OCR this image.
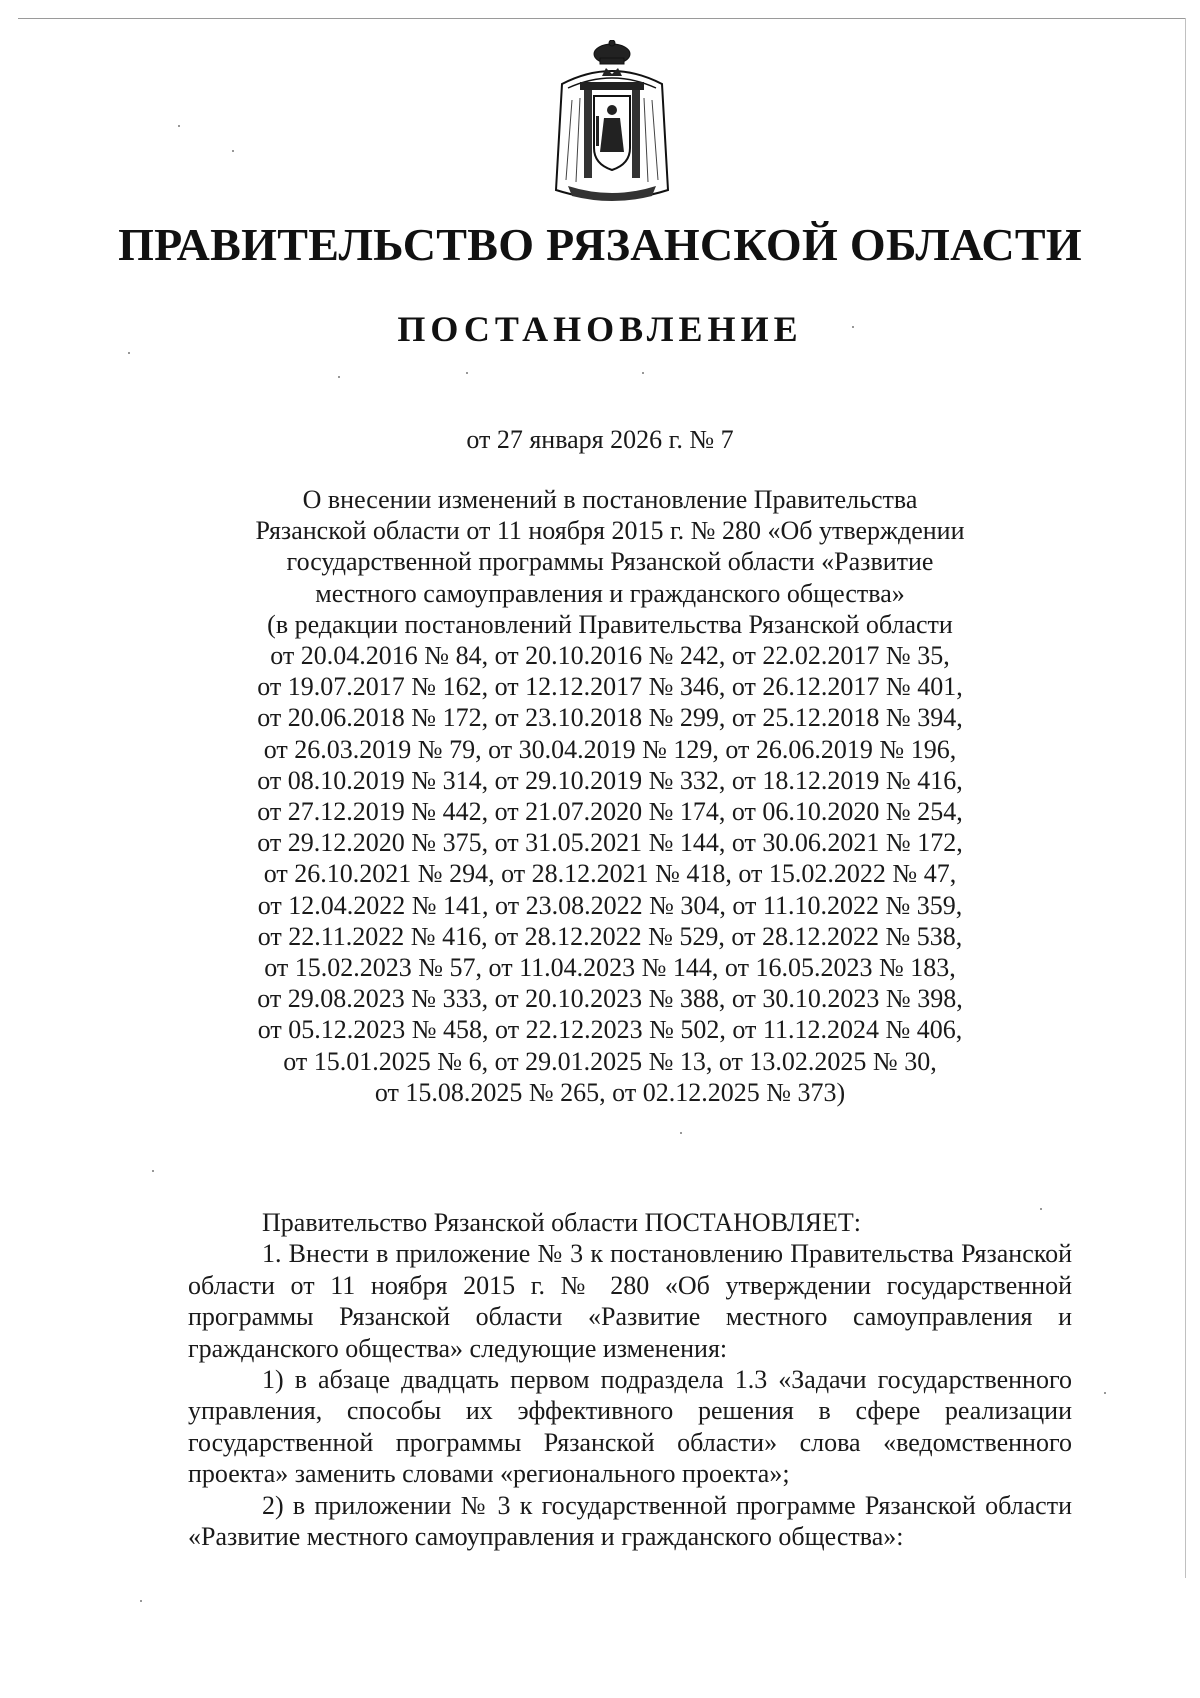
ПРАВИТЕЛЬСТВО РЯЗАНСКОЙ ОБЛАСТИ
ПОСТАНОВЛЕНИЕ
от 27 января 2026 г. № 7
О внесении изменений в постановление Правительства
Рязанской области от 11 ноября 2015 г. № 280 «Об утверждении
государственной программы Рязанской области «Развитие
местного самоуправления и гражданского общества»
(в редакции постановлений Правительства Рязанской области
от 20.04.2016 № 84, от 20.10.2016 № 242, от 22.02.2017 № 35,
от 19.07.2017 № 162, от 12.12.2017 № 346, от 26.12.2017 № 401,
от 20.06.2018 № 172, от 23.10.2018 № 299, от 25.12.2018 № 394,
от 26.03.2019 № 79, от 30.04.2019 № 129, от 26.06.2019 № 196,
от 08.10.2019 № 314, от 29.10.2019 № 332, от 18.12.2019 № 416,
от 27.12.2019 № 442, от 21.07.2020 № 174, от 06.10.2020 № 254,
от 29.12.2020 № 375, от 31.05.2021 № 144, от 30.06.2021 № 172,
от 26.10.2021 № 294, от 28.12.2021 № 418, от 15.02.2022 № 47,
от 12.04.2022 № 141, от 23.08.2022 № 304, от 11.10.2022 № 359,
от 22.11.2022 № 416, от 28.12.2022 № 529, от 28.12.2022 № 538,
от 15.02.2023 № 57, от 11.04.2023 № 144, от 16.05.2023 № 183,
от 29.08.2023 № 333, от 20.10.2023 № 388, от 30.10.2023 № 398,
от 05.12.2023 № 458, от 22.12.2023 № 502, от 11.12.2024 № 406,
от 15.01.2025 № 6, от 29.01.2025 № 13, от 13.02.2025 № 30,
от 15.08.2025 № 265, от 02.12.2025 № 373)

Правительство Рязанской области ПОСТАНОВЛЯЕТ:

1. Внести в приложение № 3 к постановлению Правительства Рязанской области от 11 ноября 2015 г. № 280 «Об утверждении государственной программы Рязанской области «Развитие местного самоуправления и гражданского общества» следующие изменения:

1) в абзаце двадцать первом подраздела 1.3 «Задачи государственного управления, способы их эффективного решения в сфере реализации государственной программы Рязанской области» слова «ведомственного проекта» заменить словами «регионального проекта»;

2) в приложении № 3 к государственной программе Рязанской области «Развитие местного самоуправления и гражданского общества»:
